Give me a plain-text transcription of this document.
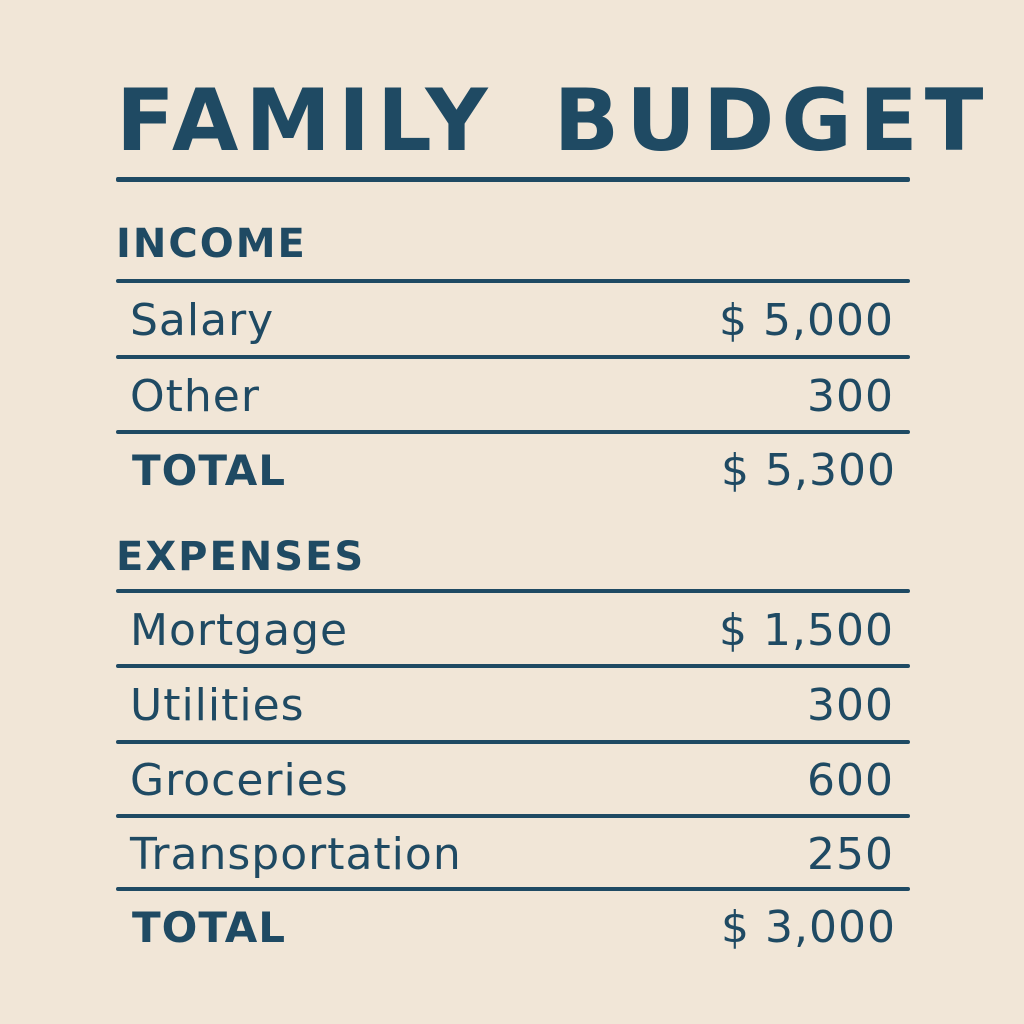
FAMILY BUDGET
INCOME
Salary	$ 5,000
Other	300
TOTAL	$ 5,300
EXPENSES
Mortgage	$ 1,500
Utilities	300
Groceries	600
Transportation	250
TOTAL	$ 3,000
